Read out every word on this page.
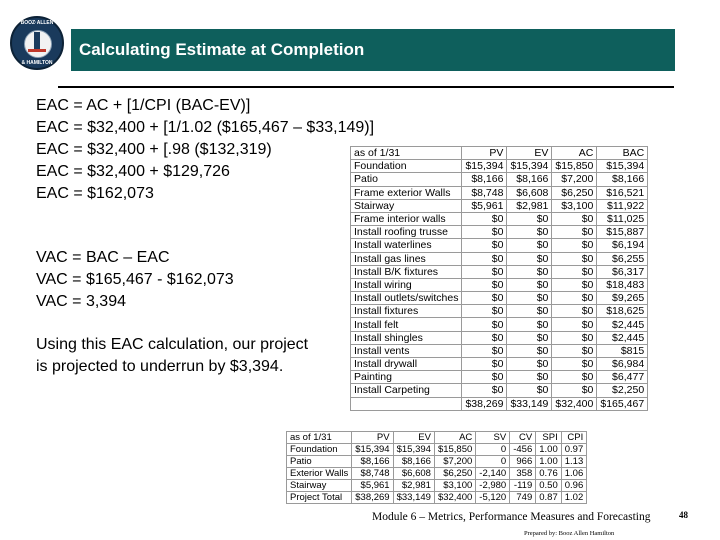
BOOZ·ALLEN
& HAMILTON
Calculating Estimate at Completion
EAC = AC + [1/CPI (BAC-EV)]
EAC = $32,400 + [1/1.02 ($165,467 – $33,149)]
EAC = $32,400 + [.98 ($132,319)
EAC = $32,400 + $129,726
EAC = $162,073
VAC = BAC – EAC
VAC = $165,467 - $162,073
VAC = 3,394
Using this EAC calculation, our project
is projected to underrun by $3,394.
as of 1/31	PV	EV	AC	BAC
Foundation	$15,394	$15,394	$15,850	$15,394
Patio	$8,166	$8,166	$7,200	$8,166
Frame exterior Walls	$8,748	$6,608	$6,250	$16,521
Stairway	$5,961	$2,981	$3,100	$11,922
Frame interior walls	$0	$0	$0	$11,025
Install roofing trusse	$0	$0	$0	$15,887
Install waterlines	$0	$0	$0	$6,194
Install gas lines	$0	$0	$0	$6,255
Install B/K fixtures	$0	$0	$0	$6,317
Install wiring	$0	$0	$0	$18,483
Install outlets/switches	$0	$0	$0	$9,265
Install fixtures	$0	$0	$0	$18,625
Install felt	$0	$0	$0	$2,445
Install shingles	$0	$0	$0	$2,445
Install vents	$0	$0	$0	$815
Install drywall	$0	$0	$0	$6,984
Painting	$0	$0	$0	$6,477
Install Carpeting	$0	$0	$0	$2,250
	$38,269	$33,149	$32,400	$165,467
as of 1/31	PV	EV	AC	SV	CV	SPI	CPI
Foundation	$15,394	$15,394	$15,850	0	-456	1.00	0.97
Patio	$8,166	$8,166	$7,200	0	966	1.00	1.13
Exterior Walls	$8,748	$6,608	$6,250	-2,140	358	0.76	1.06
Stairway	$5,961	$2,981	$3,100	-2,980	-119	0.50	0.96
Project Total	$38,269	$33,149	$32,400	-5,120	749	0.87	1.02
Module 6 – Metrics, Performance Measures and Forecasting	48
Prepared by: Booz Allen Hamilton
